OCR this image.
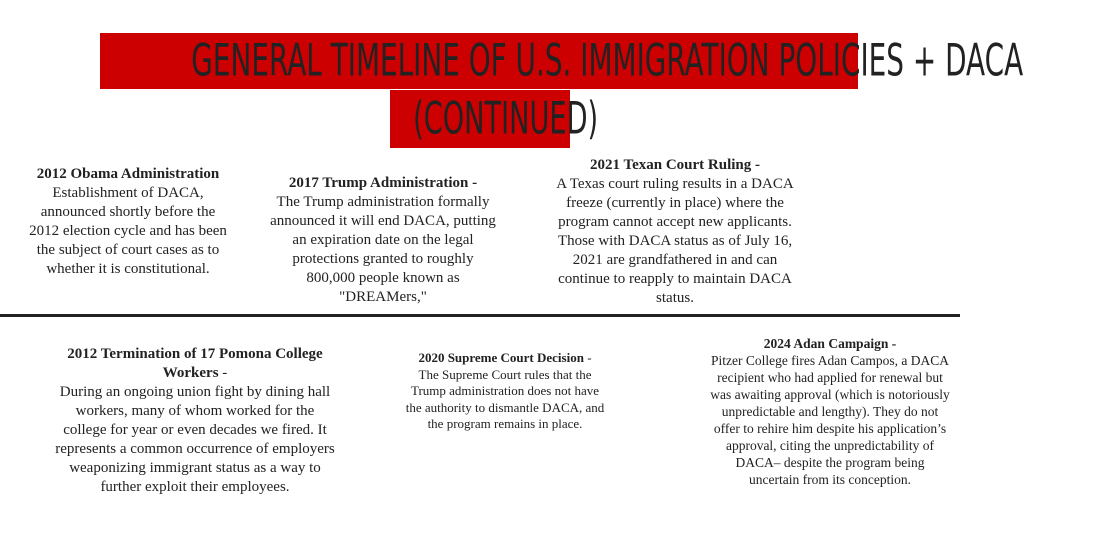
GENERAL TIMELINE OF U.S. IMMIGRATION POLICIES + DACA
(CONTINUED)

2012 Obama Administration

Establishment of DACA, announced shortly before the 2012 election cycle and has been the subject of court cases as to whether it is constitutional.

2017 Trump Administration -

The Trump administration formally announced it will end DACA, putting an expiration date on the legal protections granted to roughly 800,000 people known as "DREAMers,"

2021 Texan Court Ruling -

A Texas court ruling results in a DACA freeze (currently in place) where the program cannot accept new applicants. Those with DACA status as of July 16, 2021 are grandfathered in and can continue to reapply to maintain DACA status.

2012 Termination of 17 Pomona College Workers -

During an ongoing union fight by dining hall workers, many of whom worked for the college for year or even decades we fired. It represents a common occurrence of employers weaponizing immigrant status as a way to further exploit their employees.

2020 Supreme Court Decision -

The Supreme Court rules that the Trump administration does not have the authority to dismantle DACA, and the program remains in place.

2024 Adan Campaign -

Pitzer College fires Adan Campos, a DACA recipient who had applied for renewal but was awaiting approval (which is notoriously unpredictable and lengthy). They do not offer to rehire him despite his application’s approval, citing the unpredictability of DACA– despite the program being uncertain from its conception.
